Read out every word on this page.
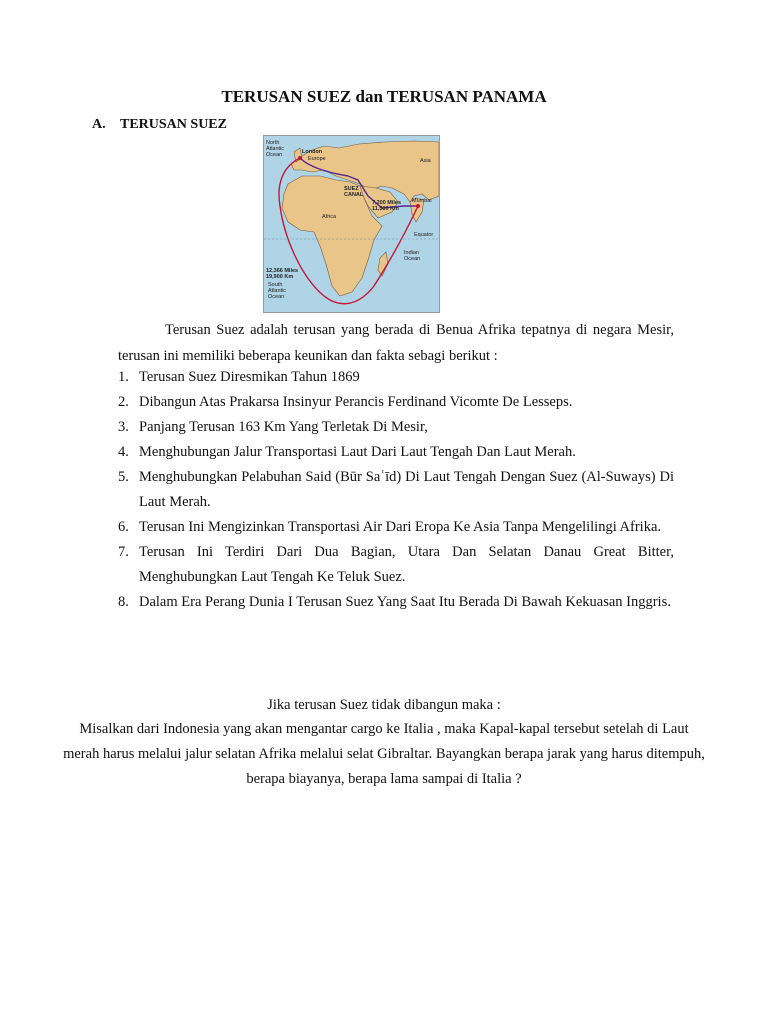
TERUSAN SUEZ dan TERUSAN PANAMA
A. TERUSAN SUEZ
North Atlantic Ocean	London
Europe	Asia
SUEZ CANAL
Africa
7,200 Miles 11,500 Km
Mumbai
Equator
Indian Ocean
12,366 Miles 19,900 Km
South Atlantic Ocean
Terusan Suez adalah terusan yang berada di Benua Afrika tepatnya di negara Mesir, terusan ini memiliki beberapa keunikan dan fakta sebagi berikut :
1. Terusan Suez Diresmikan Tahun 1869
2. Dibangun Atas Prakarsa Insinyur Perancis Ferdinand Vicomte De Lesseps.
3. Panjang Terusan 163 Km Yang Terletak Di Mesir,
4. Menghubungan Jalur Transportasi Laut Dari Laut Tengah Dan Laut Merah.
5. Menghubungkan Pelabuhan Said (Būr Saʿīd) Di Laut Tengah Dengan Suez (Al-Suways) Di Laut Merah.
6. Terusan Ini Mengizinkan Transportasi Air Dari Eropa Ke Asia Tanpa Mengelilingi Afrika.
7. Terusan Ini Terdiri Dari Dua Bagian, Utara Dan Selatan Danau Great Bitter, Menghubungkan Laut Tengah Ke Teluk Suez.
8. Dalam Era Perang Dunia I Terusan Suez Yang Saat Itu Berada Di Bawah Kekuasan Inggris.
Jika terusan Suez tidak dibangun maka :
Misalkan dari Indonesia yang akan mengantar cargo ke Italia , maka Kapal-kapal tersebut setelah di Laut merah harus melalui jalur selatan Afrika melalui selat Gibraltar. Bayangkan berapa jarak yang harus ditempuh, berapa biayanya, berapa lama sampai di Italia ?
